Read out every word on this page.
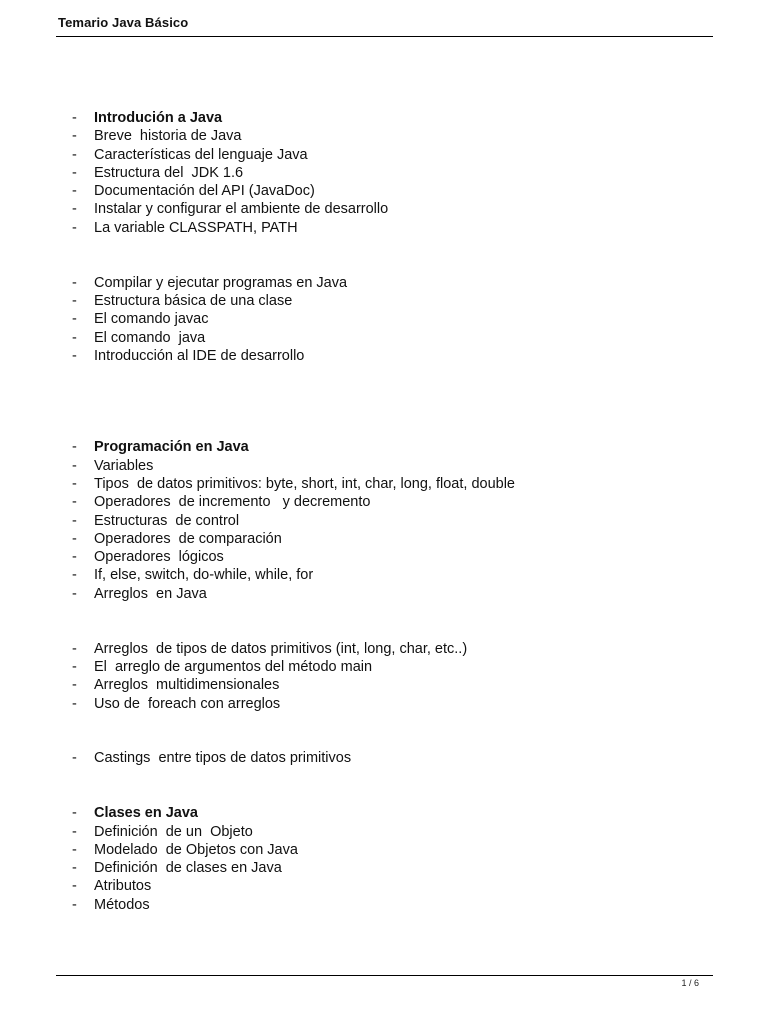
Temario Java Básico
-	Introdución a Java
-	Breve  historia de Java
-	Características del lenguaje Java
-	Estructura del  JDK 1.6
-	Documentación del API (JavaDoc)
-	Instalar y configurar el ambiente de desarrollo
-	La variable CLASSPATH, PATH
-	Compilar y ejecutar programas en Java
-	Estructura básica de una clase
-	El comando javac
-	El comando  java
-	Introducción al IDE de desarrollo
-	Programación en Java
-	Variables
-	Tipos  de datos primitivos: byte, short, int, char, long, float, double
-	Operadores  de incremento   y decremento
-	Estructuras  de control
-	Operadores  de comparación
-	Operadores  lógicos
-	If, else, switch, do-while, while, for
-	Arreglos  en Java
-	Arreglos  de tipos de datos primitivos (int, long, char, etc..)
-	El  arreglo de argumentos del método main
-	Arreglos  multidimensionales
-	Uso de  foreach con arreglos
-	Castings  entre tipos de datos primitivos
-	Clases en Java
-	Definición  de un  Objeto
-	Modelado  de Objetos con Java
-	Definición  de clases en Java
-	Atributos
-	Métodos
1 / 6
